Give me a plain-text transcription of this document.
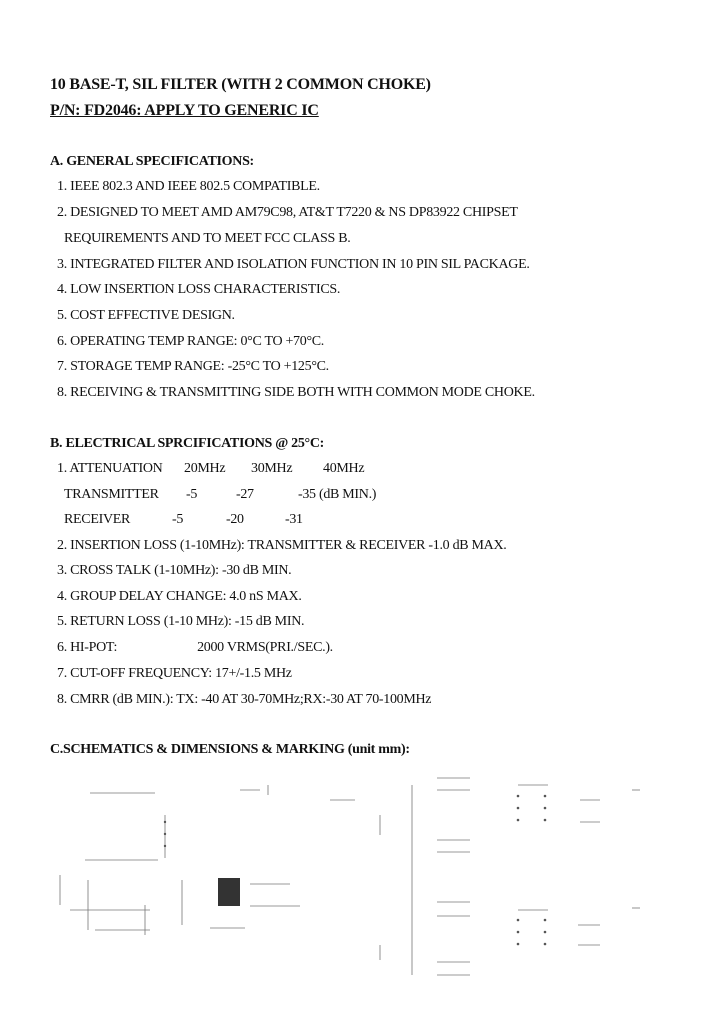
10 BASE-T, SIL FILTER (WITH 2 COMMON CHOKE)
P/N: FD2046: APPLY TO GENERIC IC
A. GENERAL SPECIFICATIONS:
1. IEEE 802.3 AND IEEE 802.5 COMPATIBLE.
2. DESIGNED TO MEET AMD AM79C98, AT&T T7220 & NS DP83922 CHIPSET
REQUIREMENTS AND TO MEET FCC CLASS B.
3. INTEGRATED FILTER AND ISOLATION FUNCTION IN 10 PIN SIL PACKAGE.
4. LOW INSERTION LOSS CHARACTERISTICS.
5. COST EFFECTIVE DESIGN.
6. OPERATING TEMP RANGE: 0°C TO +70°C.
7. STORAGE TEMP RANGE: -25°C TO +125°C.
8. RECEIVING & TRANSMITTING SIDE BOTH WITH COMMON MODE CHOKE.
B. ELECTRICAL SPRCIFICATIONS @ 25°C:
1. ATTENUATION 20MHz 30MHz 40MHz
TRANSMITTER -5	-27	-35 (dB MIN.)
RECEIVER	-5	-20	-31
2. INSERTION LOSS (1-10MHz): TRANSMITTER & RECEIVER -1.0 dB MAX.
3. CROSS TALK (1-10MHz): -30 dB MIN.
4. GROUP DELAY CHANGE: 4.0 nS MAX.
5. RETURN LOSS (1-10 MHz): -15 dB MIN.
6. HI-POT:                         2000 VRMS(PRI./SEC.).
7. CUT-OFF FREQUENCY: 17+/-1.5 MHz
8. CMRR (dB MIN.): TX: -40 AT 30-70MHz;RX:-30 AT 70-100MHz
C.SCHEMATICS & DIMENSIONS & MARKING (unit mm):
